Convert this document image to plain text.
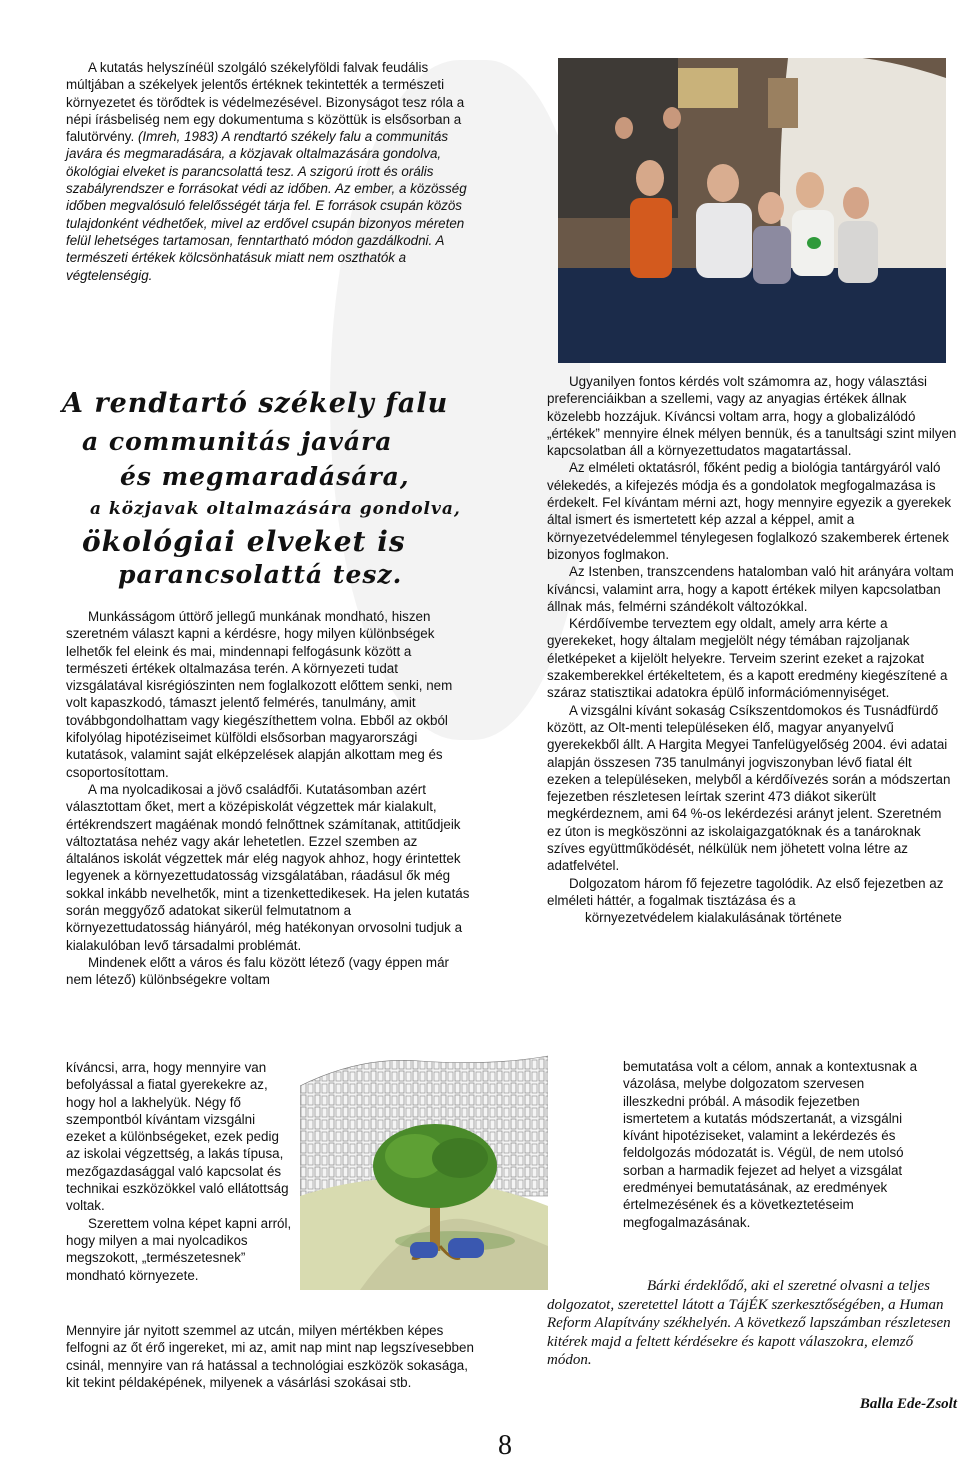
A kutatás helyszínéül szolgáló székelyföldi falvak feudális múltjában a székelyek jelentős értéknek tekintették a természeti környezetet és törődtek is védelmezésével. Bizonyságot tesz róla a népi írásbeliség nem egy dokumentuma s közöttük is elsősorban a falutörvény. (Imreh, 1983) A rendtartó székely falu a communitás javára és megmaradására, a közjavak oltalmazására gondolva, ökológiai elveket is parancsolattá tesz. A szigorú írott és orális szabályrendszer e forrásokat védi az időben. Az ember, a közösség időben megvalósuló felelősségét tárja fel. E források csupán közös tulajdonként védhetőek, mivel az erdővel csupán bizonyos méreten felül lehetséges tartamosan, fenntartható módon gazdálkodni. A természeti értékek kölcsönhatásuk miatt nem oszthatók a végtelenségig.

A rendtartó székely falu
a communitás javára
és megmaradására,
a közjavak oltalmazására gondolva,
ökológiai elveket is
parancsolattá tesz.

Munkásságom úttörő jellegű munkának mondható, hiszen szeretném választ kapni a kérdésre, hogy milyen különbségek lelhetők fel eleink és mai, mindennapi felfogásunk között a természeti értékek oltalmazása terén. A környezeti tudat vizsgálatával kisrégiószinten nem foglalkozott előttem senki, nem volt kapaszkodó, támaszt jelentő felmérés, tanulmány, amit továbbgondolhattam vagy kiegészíthettem volna. Ebből az okból kifolyólag hipotéziseimet külföldi elsősorban magyarországi kutatások, valamint saját elképzelések alapján alkottam meg és csoportosítottam.

A ma nyolcadikosai a jövő családfői. Kutatásomban azért választottam őket, mert a középiskolát végzettek már kialakult, értékrendszert magáénak mondó felnőttnek számítanak, attitűdjeik változtatása nehéz vagy akár lehetetlen. Ezzel szemben az általános iskolát végzettek már elég nagyok ahhoz, hogy érintettek legyenek a környezettudatosság vizsgálatában, ráadásul ők még sokkal inkább nevelhetők, mint a tizenkettedikesek. Ha jelen kutatás során meggyőző adatokat sikerül felmutatnom a környezettudatosság hiányáról, még hatékonyan orvosolni tudjuk a kialakulóban levő társadalmi problémát.

Mindenek előtt a város és falu között létező (vagy éppen már nem létező) különbségekre voltam

kíváncsi, arra, hogy mennyire van befolyással a fiatal gyerekekre az, hogy hol a lakhelyük. Négy fő szempontból kívántam vizsgálni ezeket a különbségeket, ezek pedig az iskolai végzettség, a lakás típusa, mezőgazdasággal való kapcsolat és technikai eszközökkel való ellátottság voltak.

Szerettem volna képet kapni arról, hogy milyen a mai nyolcadikos megszokott, „természetesnek” mondható környezete.

Mennyire jár nyitott szemmel az utcán, milyen mértékben képes felfogni az őt érő ingereket, mi az, amit nap mint nap legszívesebben csinál, mennyire van rá hatással a technológiai eszközök sokasága, kit tekint példaképének, milyenek a vásárlási szokásai stb.

Ugyanilyen fontos kérdés volt számomra az, hogy választási preferenciáikban a szellemi, vagy az anyagias értékek állnak közelebb hozzájuk. Kíváncsi voltam arra, hogy a globalizálódó „értékek” mennyire élnek mélyen bennük, és a tanultsági szint milyen kapcsolatban áll a környezettudatos magatartással.

Az elméleti oktatásról, főként pedig a biológia tantárgyáról való vélekedés, a kifejezés módja és a gondolatok megfogalmazása is érdekelt. Fel kívántam mérni azt, hogy mennyire egyezik a gyerekek által ismert és ismertetett kép azzal a képpel, amit a környezetvédelemmel ténylegesen foglalkozó szakemberek értenek bizonyos foglmakon.

Az Istenben, transzcendens hatalomban való hit arányára voltam kíváncsi, valamint arra, hogy a kapott értékek milyen kapcsolatban állnak más, felmérni szándékolt változókkal.

Kérdőívembe terveztem egy oldalt, amely arra kérte a gyerekeket, hogy általam megjelölt négy témában rajzoljanak életképeket a kijelölt helyekre. Terveim szerint ezeket a rajzokat szakemberekkel értékeltetem, és a kapott eredmény kiegészítené a száraz statisztikai adatokra épülő információmennyiséget.

A vizsgálni kívánt sokaság Csíkszentdomokos és Tusnádfürdő között, az Olt-menti településeken élő, magyar anyanyelvű gyerekekből állt. A Hargita Megyei Tanfelügyelőség 2004. évi adatai alapján összesen 735 tanulmányi jogviszonyban lévő fiatal élt ezeken a településeken, melyből a kérdőívezés során a módszertan fejezetben részletesen leírtak szerint 473 diákot sikerült megkérdeznem, ami 64 %-os lekérdezési arányt jelent. Szeretném ez úton is megköszönni az iskolaigazgatóknak és a tanároknak szíves együttműködését, nélkülük nem jöhetett volna létre az adatfelvétel.

Dolgozatom három fő fejezetre tagolódik. Az első fejezetben az elméleti háttér, a fogalmak tisztázása és a

környezetvédelem kialakulásának története

bemutatása volt a célom, annak a kontextusnak a vázolása, melybe dolgozatom szervesen illeszkedni próbál. A második fejezetben ismertetem a kutatás módszertanát, a vizsgálni kívánt hipotéziseket, valamint a lekérdezés és feldolgozás módozatát is. Végül, de nem utolsó sorban a harmadik fejezet ad helyet a vizsgálat eredményei bemutatásának, az eredmények értelmezésének és a következtetéseim megfogalmazásának.

Bárki érdeklődő, aki el szeretné olvasni a teljes dolgozatot, szeretettel látott a TájÉK szerkesztőségében, a Human Reform Alapítvány székhelyén. A következő lapszámban részletesen kitérek majd a feltett kérdésekre és kapott válaszokra, elemző módon.

Balla Ede-Zsolt
8
